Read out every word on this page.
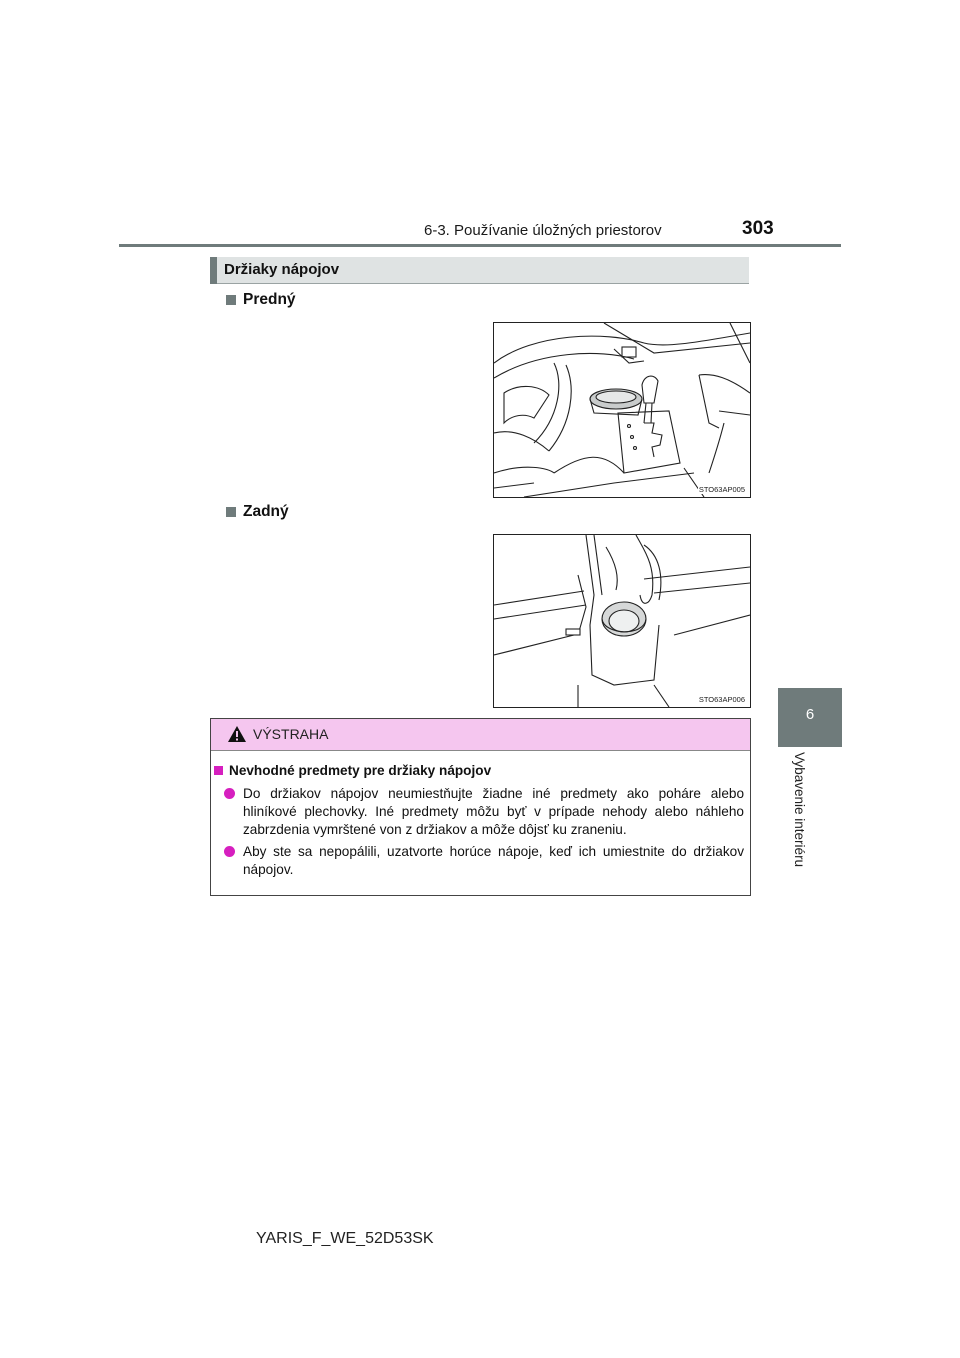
6-3. Používanie úložných priestorov	303
6
Vybavenie interiéru
Držiaky nápojov
Predný
STO63AP005
Zadný
STO63AP006
VÝSTRAHA
Nevhodné predmety pre držiaky nápojov
Do držiakov nápojov neumiestňujte žiadne iné predmety ako poháre alebo hliníkové plechovky. Iné predmety môžu byť v prípade nehody alebo náhleho zabrzdenia vymrštené von z držiakov a môže dôjsť ku zraneniu.
Aby ste sa nepopálili, uzatvorte horúce nápoje, keď ich umiestnite do držiakov nápojov.
YARIS_F_WE_52D53SK
